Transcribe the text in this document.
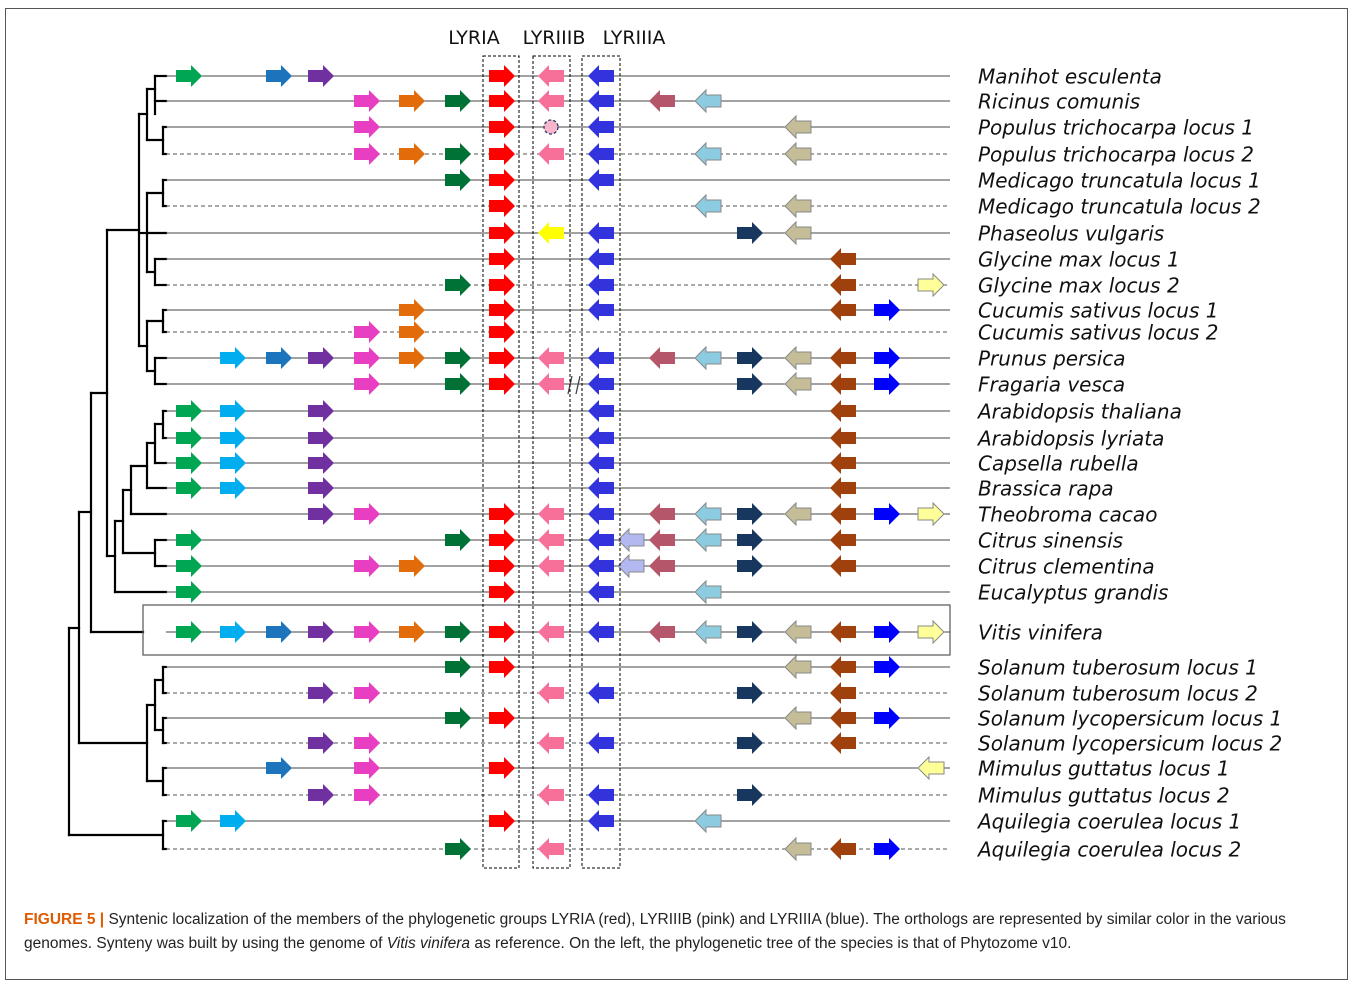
LYRIA LYRIIIB LYRIIIA
Manihot esculenta
Ricinus comunis
Populus trichocarpa locus 1
Populus trichocarpa locus 2
Medicago truncatula locus 1
Medicago truncatula locus 2
Phaseolus vulgaris
Glycine max locus 1
Glycine max locus 2
Cucumis sativus locus 1
Cucumis sativus locus 2
Prunus persica
Fragaria vesca
Arabidopsis thaliana
Arabidopsis lyriata
Capsella rubella
Brassica rapa
Theobroma cacao
Citrus sinensis
Citrus clementina
Eucalyptus grandis
Vitis vinifera
Solanum tuberosum locus 1
Solanum tuberosum locus 2
Solanum lycopersicum locus 1
Solanum lycopersicum locus 2
Mimulus guttatus locus 1
Mimulus guttatus locus 2
Aquilegia coerulea locus 1
Aquilegia coerulea locus 2
FIGURE 5 | Syntenic localization of the members of the phylogenetic groups LYRIA (red), LYRIIIB (pink) and LYRIIIA (blue). The orthologs are represented by similar color in the various genomes. Synteny was built by using the genome of Vitis vinifera as reference. On the left, the phylogenetic tree of the species is that of Phytozome v10.
